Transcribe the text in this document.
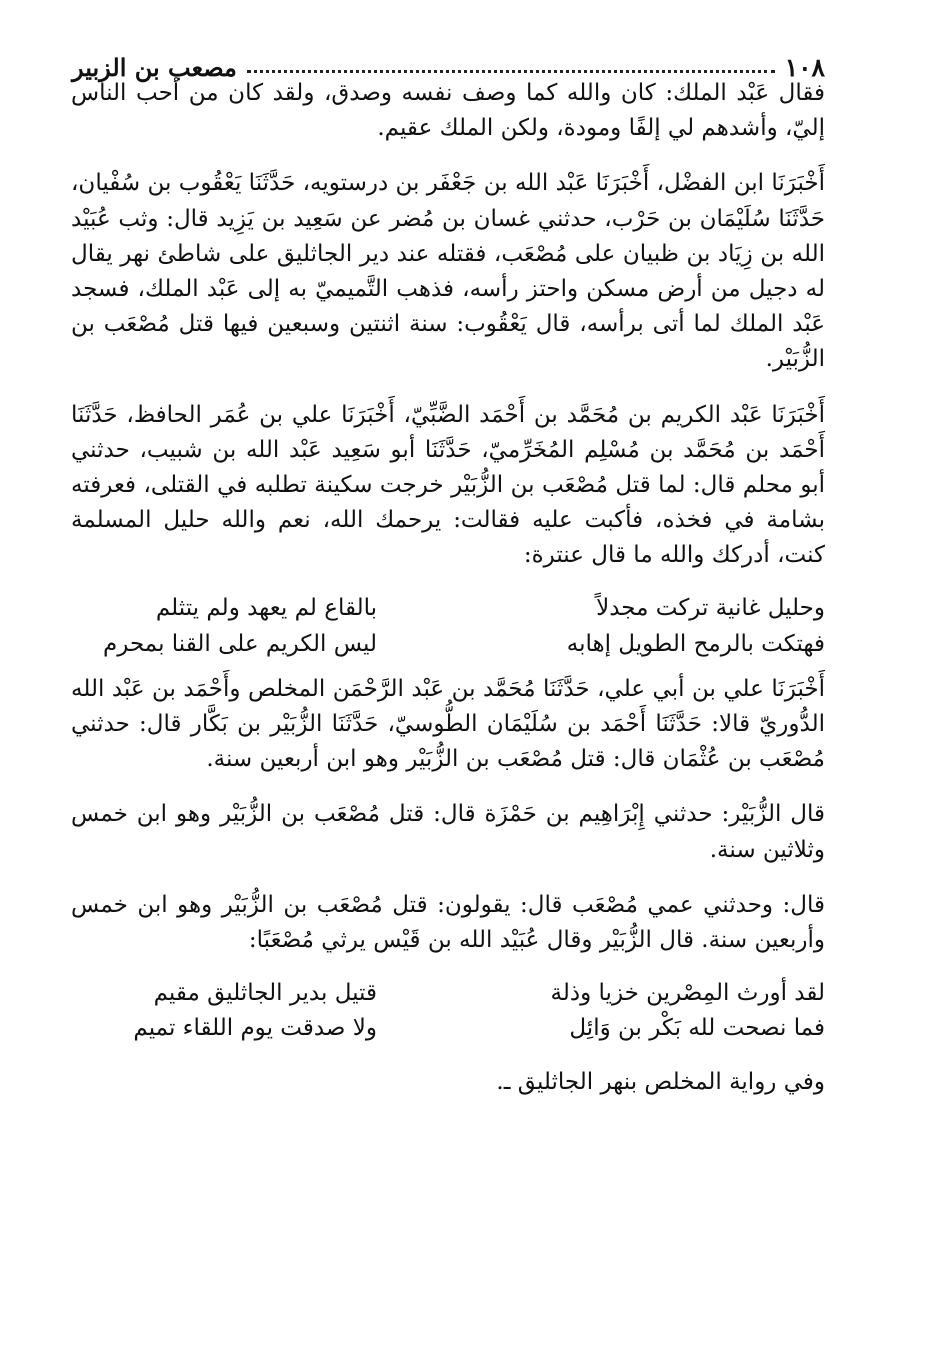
١٠٨
مصعب بن الزبير

فقال عَبْد الملك: كان والله كما وصف نفسه وصدق، ولقد كان من أحب الناس إليّ، وأشدهم لي إلفًا ومودة، ولكن الملك عقيم.

أَخْبَرَنَا ابن الفضْل، أَخْبَرَنَا عَبْد الله بن جَعْفَر بن درستويه، حَدَّثَنَا يَعْقُوب بن سُفْيان، حَدَّثَنَا سُلَيْمَان بن حَرْب، حدثني غسان بن مُضر عن سَعِيد بن يَزِيد قال: وثب عُبَيْد الله بن زِيَاد بن ظبيان على مُصْعَب، فقتله عند دير الجاثليق على شاطئ نهر يقال له دجيل من أرض مسكن واحتز رأسه، فذهب التَّميميّ به إلى عَبْد الملك، فسجد عَبْد الملك لما أتى برأسه، قال يَعْقُوب: سنة اثنتين وسبعين فيها قتل مُصْعَب بن الزُّبَيْر.

أَخْبَرَنَا عَبْد الكريم بن مُحَمَّد بن أَحْمَد الضَّبِّيّ، أَخْبَرَنَا علي بن عُمَر الحافظ، حَدَّثَنَا أَحْمَد بن مُحَمَّد بن مُسْلِم المُخَرِّميّ، حَدَّثَنَا أبو سَعِيد عَبْد الله بن شبيب، حدثني أبو محلم قال: لما قتل مُصْعَب بن الزُّبَيْر خرجت سكينة تطلبه في القتلى، فعرفته بشامة في فخذه، فأكبت عليه فقالت: يرحمك الله، نعم والله حليل المسلمة كنت، أدركك والله ما قال عنترة:

وحليل غانية تركت مجدلاً
بالقاع لم يعهد ولم يتثلم
فهتكت بالرمح الطويل إهابه
ليس الكريم على القنا بمحرم

أَخْبَرَنَا علي بن أبي علي، حَدَّثَنَا مُحَمَّد بن عَبْد الرَّحْمَن المخلص وأَحْمَد بن عَبْد الله الدُّوريّ قالا: حَدَّثَنَا أَحْمَد بن سُلَيْمَان الطُّوسيّ، حَدَّثَنَا الزُّبَيْر بن بَكَّار قال: حدثني مُصْعَب بن عُثْمَان قال: قتل مُصْعَب بن الزُّبَيْر وهو ابن أربعين سنة.

قال الزُّبَيْر: حدثني إِبْرَاهِيم بن حَمْزَة قال: قتل مُصْعَب بن الزُّبَيْر وهو ابن خمس وثلاثين سنة.

قال: وحدثني عمي مُصْعَب قال: يقولون: قتل مُصْعَب بن الزُّبَيْر وهو ابن خمس وأربعين سنة. قال الزُّبَيْر وقال عُبَيْد الله بن قَيْس يرثي مُصْعَبًا:

لقد أورث المِصْرين خزيا وذلة
قتيل بدير الجاثليق مقيم
فما نصحت لله بَكْر بن وَائِل
ولا صدقت يوم اللقاء تميم
وفي رواية المخلص بنهر الجاثليق ـ.
